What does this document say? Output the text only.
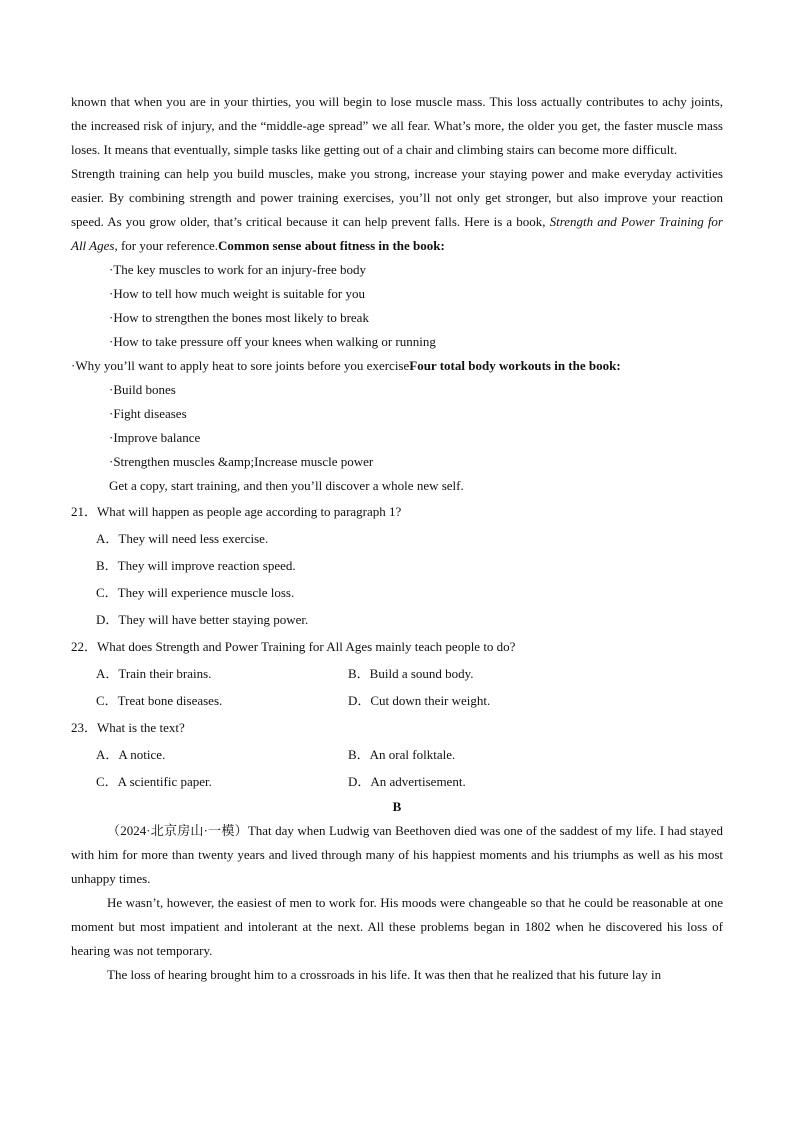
known that when you are in your thirties, you will begin to lose muscle mass. This loss actually contributes to achy joints, the increased risk of injury, and the “middle-age spread” we all fear. What’s more, the older you get, the faster muscle mass loses. It means that eventually, simple tasks like getting out of a chair and climbing stairs can become more difficult.

Strength training can help you build muscles, make you strong, increase your staying power and make everyday activities easier. By combining strength and power training exercises, you’ll not only get stronger, but also improve your reaction speed. As you grow older, that’s critical because it can help prevent falls. Here is a book, Strength and Power Training for All Ages, for your reference.Common sense about fitness in the book:

·The key muscles to work for an injury-free body

·How to tell how much weight is suitable for you

·How to strengthen the bones most likely to break

·How to take pressure off your knees when walking or running

·Why you’ll want to apply heat to sore joints before you exerciseFour total body workouts in the book:

·Build bones

·Fight diseases

·Improve balance

·Strengthen muscles &amp;Increase muscle power

Get a copy, start training, and then you’ll discover a whole new self.

21．What will happen as people age according to paragraph 1?

A．They will need less exercise.
B．They will improve reaction speed.
C．They will experience muscle loss.
D．They will have better staying power.

22．What does Strength and Power Training for All Ages mainly teach people to do?

A．Train their brains.	B．Build a sound body.
C．Treat bone diseases.	D．Cut down their weight.

23．What is the text?

A．A notice.	B．An oral folktale.
C．A scientific paper.	D．An advertisement.

B

（2024·北京房山·一模）That day when Ludwig van Beethoven died was one of the saddest of my life. I had stayed with him for more than twenty years and lived through many of his happiest moments and his triumphs as well as his most unhappy times.

He wasn’t, however, the easiest of men to work for. His moods were changeable so that he could be reasonable at one moment but most impatient and intolerant at the next. All these problems began in 1802 when he discovered his loss of hearing was not temporary.

The loss of hearing brought him to a crossroads in his life. It was then that he realized that his future lay in
